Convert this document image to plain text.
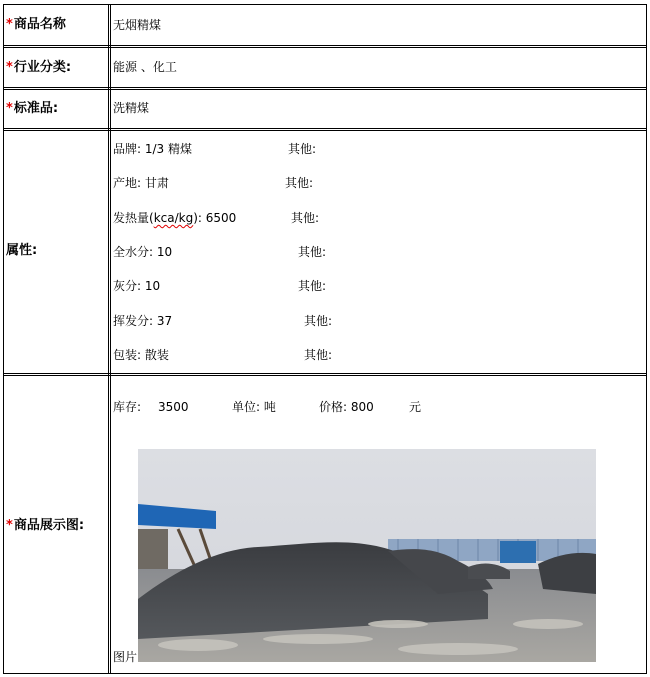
*商品名称	无烟精煤
*行业分类:	能源 、化工
*标准品:	洗精煤
属性:
品牌: 1/3 精煤	其他:
产地: 甘肃	其他:
发热量(kca/kg): 6500	其他:
全水分: 10	其他:
灰分: 10	其他:
挥发分: 37	其他:
包装: 散装	其他:
*商品展示图:
库存: 3500	单位: 吨	价格: 800	元
图片
